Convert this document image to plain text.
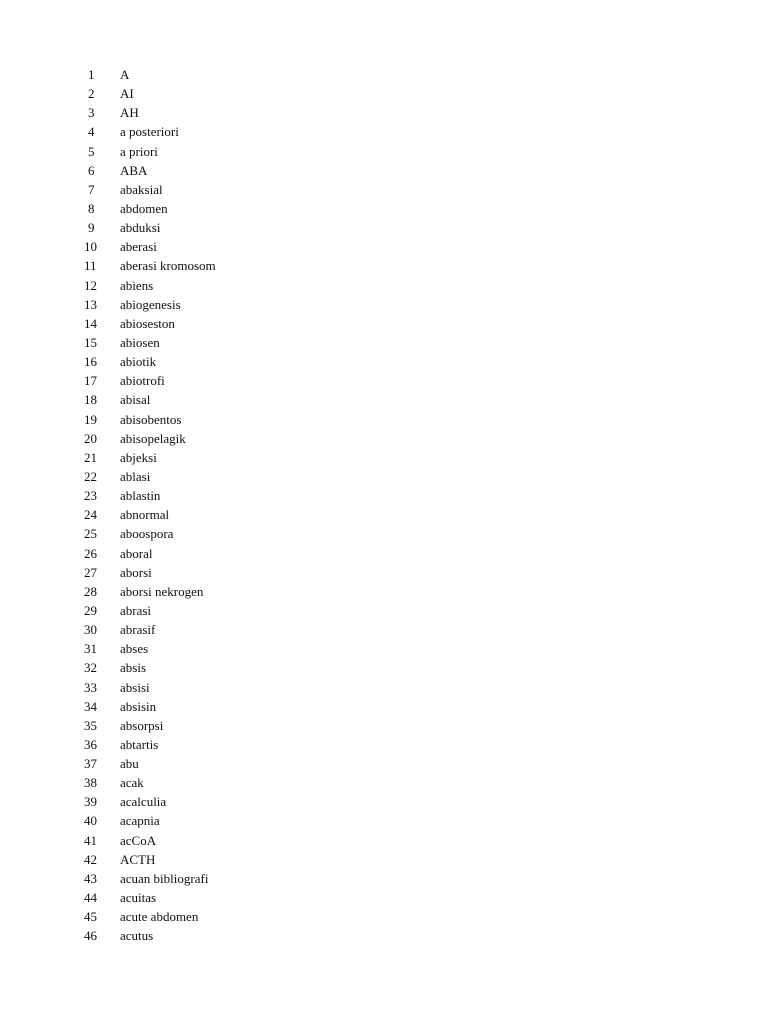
1	A
2	AI
3	AH
4	a posteriori
5	a priori
6	ABA
7	abaksial
8	abdomen
9	abduksi
10	aberasi
11	aberasi kromosom
12	abiens
13	abiogenesis
14	abioseston
15	abiosen
16	abiotik
17	abiotrofi
18	abisal
19	abisobentos
20	abisopelagik
21	abjeksi
22	ablasi
23	ablastin
24	abnormal
25	aboospora
26	aboral
27	aborsi
28	aborsi nekrogen
29	abrasi
30	abrasif
31	abses
32	absis
33	absisi
34	absisin
35	absorpsi
36	abtartis
37	abu
38	acak
39	acalculia
40	acapnia
41	acCoA
42	ACTH
43	acuan bibliografi
44	acuitas
45	acute abdomen
46	acutus
